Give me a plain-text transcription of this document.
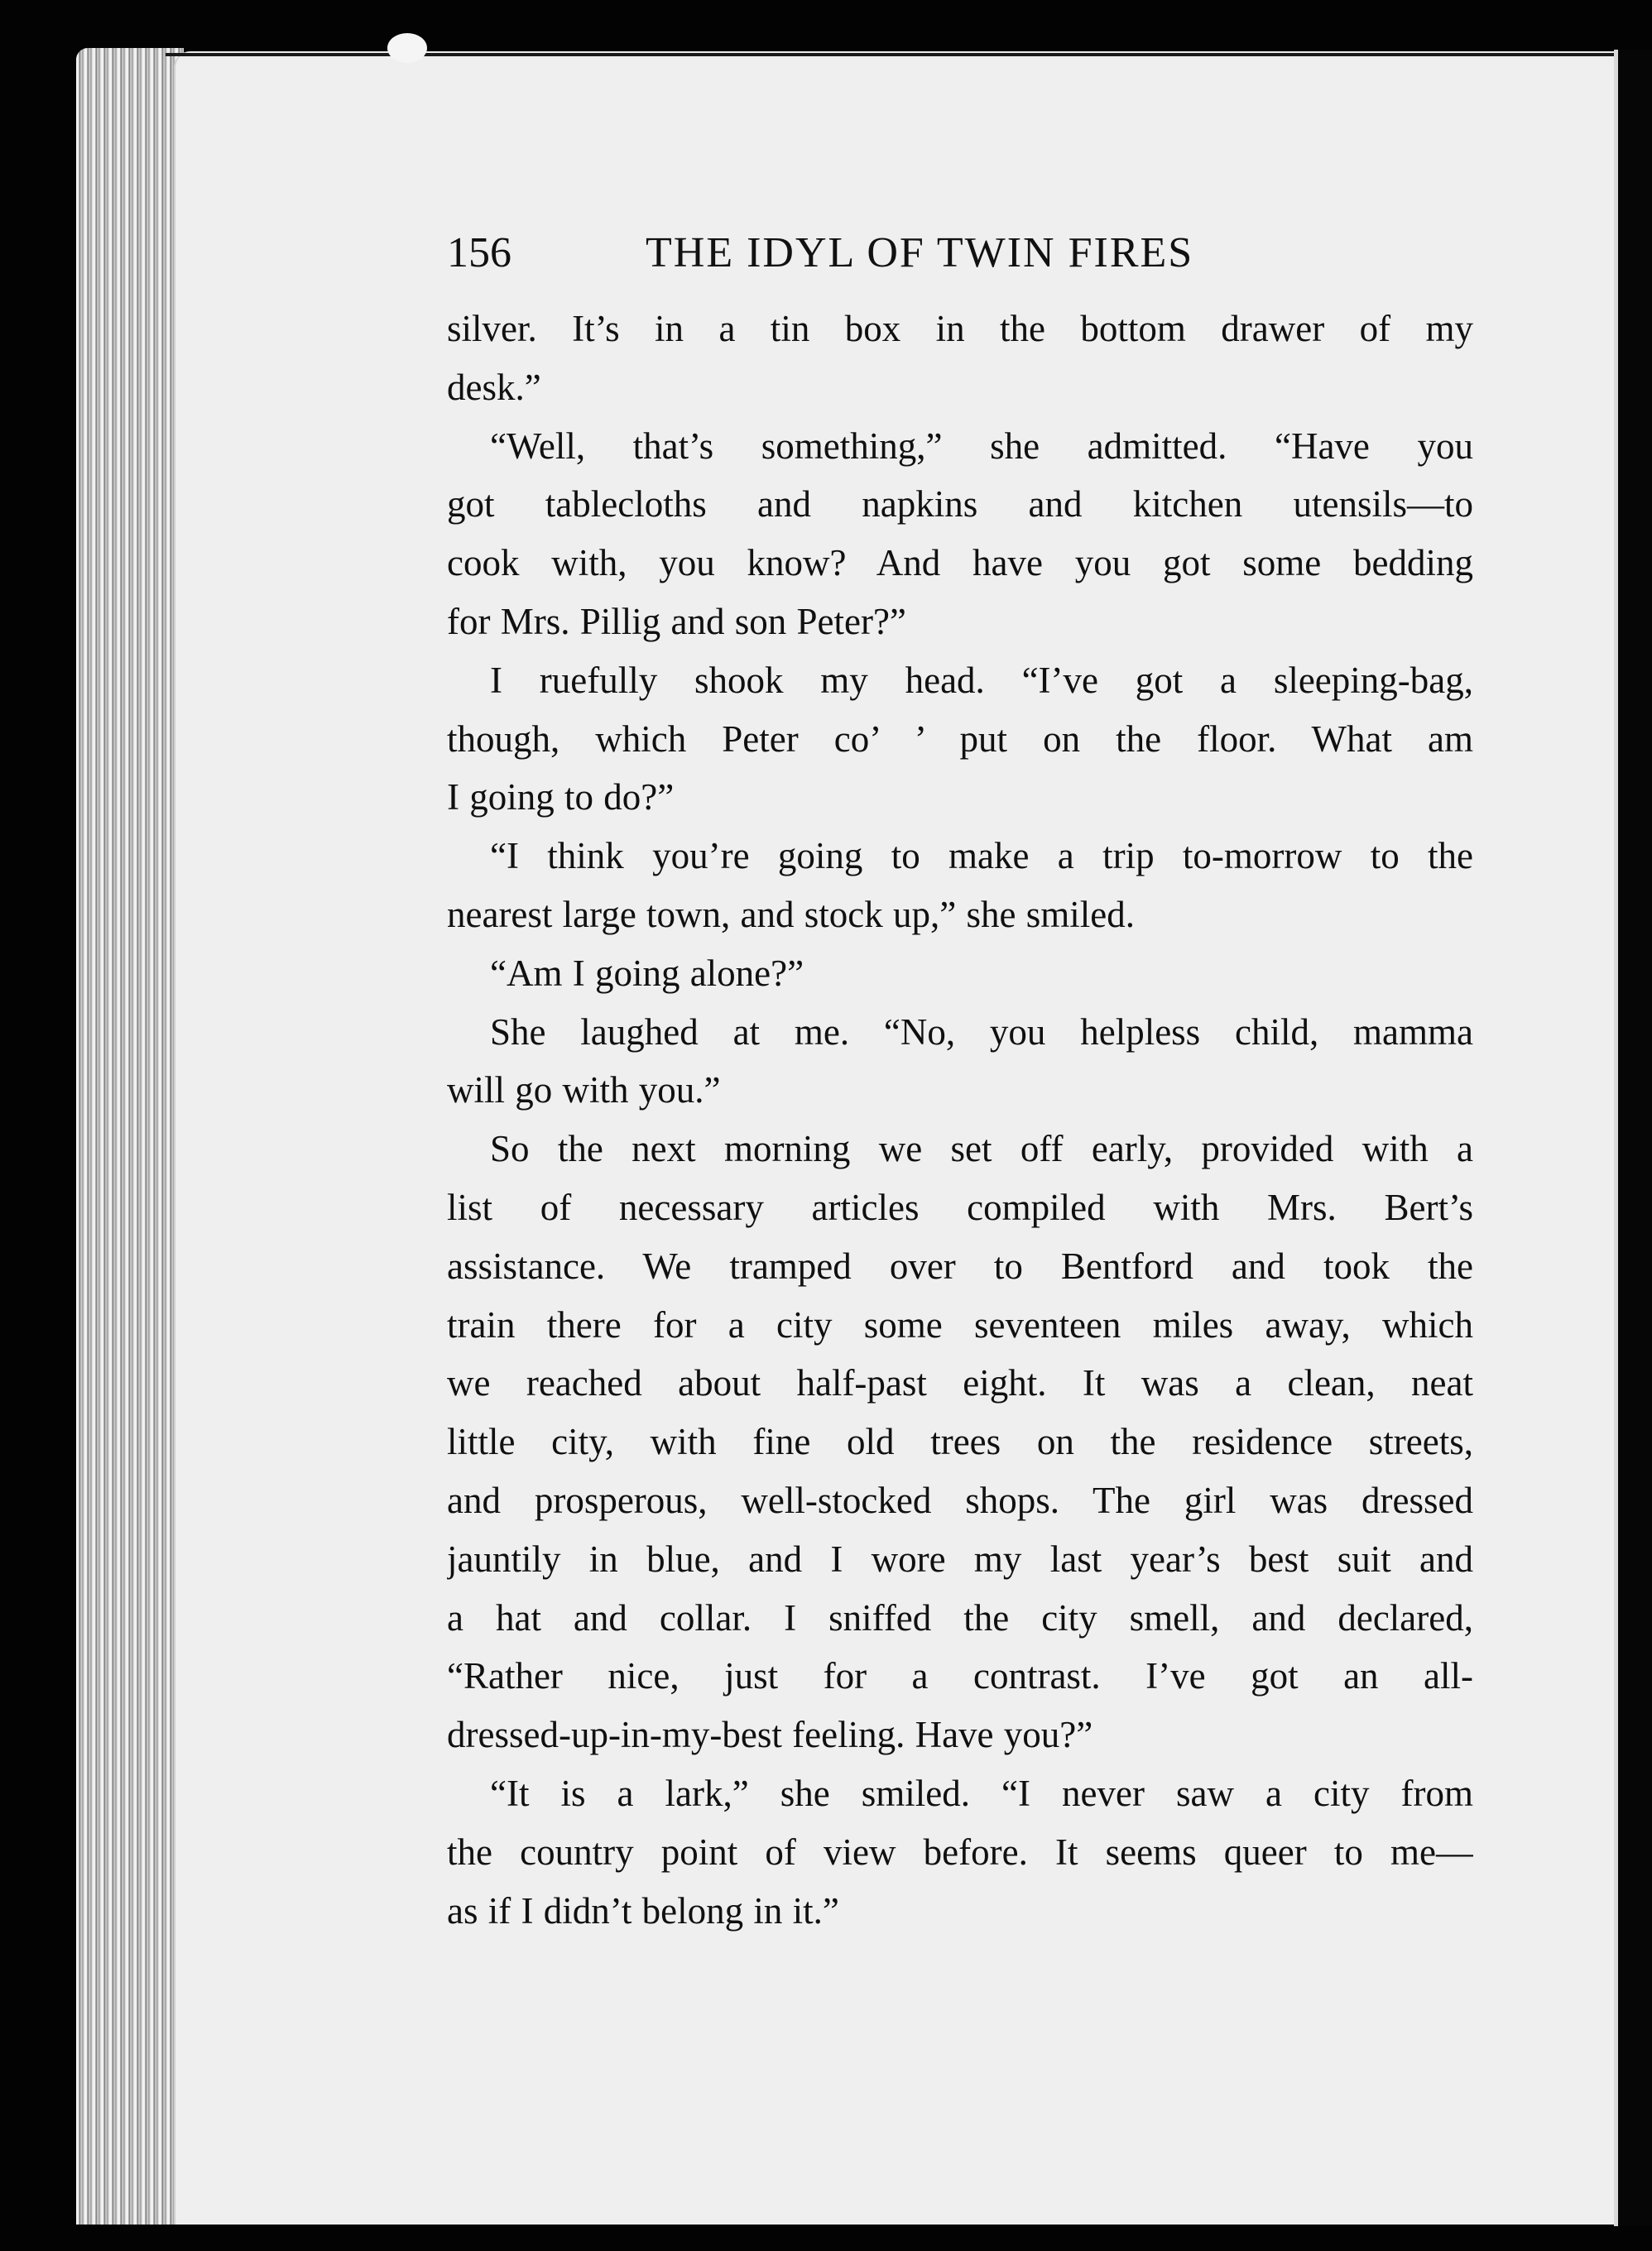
156	THE IDYL OF TWIN FIRES
silver. It’s in a tin box in the bottom drawer of my
desk.”
“Well, that’s something,” she admitted. “Have you
got tablecloths and napkins and kitchen utensils—to
cook with, you know? And have you got some bedding
for Mrs. Pillig and son Peter?”
I ruefully shook my head. “I’ve got a sleeping-bag,
though, which Peter co’ ’ put on the floor. What am
I going to do?”
“I think you’re going to make a trip to-morrow to the
nearest large town, and stock up,” she smiled.
“Am I going alone?”
She laughed at me. “No, you helpless child, mamma
will go with you.”
So the next morning we set off early, provided with a
list of necessary articles compiled with Mrs. Bert’s
assistance. We tramped over to Bentford and took the
train there for a city some seventeen miles away, which
we reached about half-past eight. It was a clean, neat
little city, with fine old trees on the residence streets,
and prosperous, well-stocked shops. The girl was dressed
jauntily in blue, and I wore my last year’s best suit and
a hat and collar. I sniffed the city smell, and declared,
“Rather nice, just for a contrast. I’ve got an all-
dressed-up-in-my-best feeling. Have you?”
“It is a lark,” she smiled. “I never saw a city from
the country point of view before. It seems queer to me—
as if I didn’t belong in it.”
